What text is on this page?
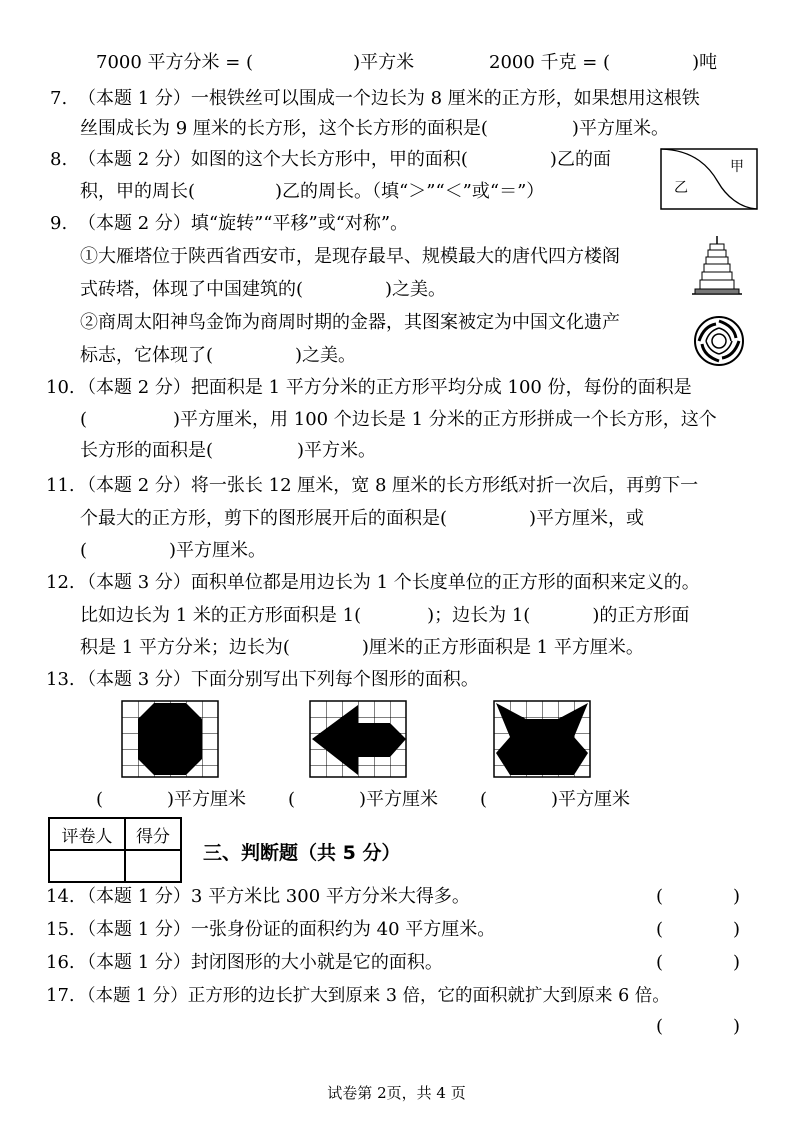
7000 平方分米 = (	)平方米	2000 千克 = (	)吨
7. （本题 1 分）一根铁丝可以围成一个边长为 8 厘米的正方形，如果想用这根铁
丝围成长为 9 厘米的长方形，这个长方形的面积是(	)平方厘米。
8. （本题 2 分）如图的这个大长方形中，甲的面积(	)乙的面
积，甲的周长(	)乙的周长。（填“＞”“＜”或“＝”）
甲
乙
9. （本题 2 分）填“旋转”“平移”或“对称”。
①大雁塔位于陕西省西安市，是现存最早、规模最大的唐代四方楼阁
式砖塔，体现了中国建筑的(	)之美。
②商周太阳神鸟金饰为商周时期的金器，其图案被定为中国文化遗产
标志，它体现了(	)之美。
10. （本题 2 分）把面积是 1 平方分米的正方形平均分成 100 份，每份的面积是
(	)平方厘米，用 100 个边长是 1 分米的正方形拼成一个长方形，这个
长方形的面积是(	)平方米。
11. （本题 2 分）将一张长 12 厘米，宽 8 厘米的长方形纸对折一次后，再剪下一
个最大的正方形，剪下的图形展开后的面积是(	)平方厘米，或
(	)平方厘米。
12. （本题 3 分）面积单位都是用边长为 1 个长度单位的正方形的面积来定义的。
比如边长为 1 米的正方形面积是 1(	)；边长为 1(	)的正方形面
积是 1 平方分米；边长为(	)厘米的正方形面积是 1 平方厘米。
13. （本题 3 分）下面分别写出下列每个图形的面积。
(	)平方厘米 (	)平方厘米 (	)平方厘米
评卷人	得分

三、判断题（共 5 分）
14. （本题 1 分）3 平方米比 300 平方分米大得多。	(	)
15. （本题 1 分）一张身份证的面积约为 40 平方厘米。	(	)
16. （本题 1 分）封闭图形的大小就是它的面积。	(	)
17. （本题 1 分）正方形的边长扩大到原来 3 倍，它的面积就扩大到原来 6 倍。
(	)
试卷第 2页，共 4 页
